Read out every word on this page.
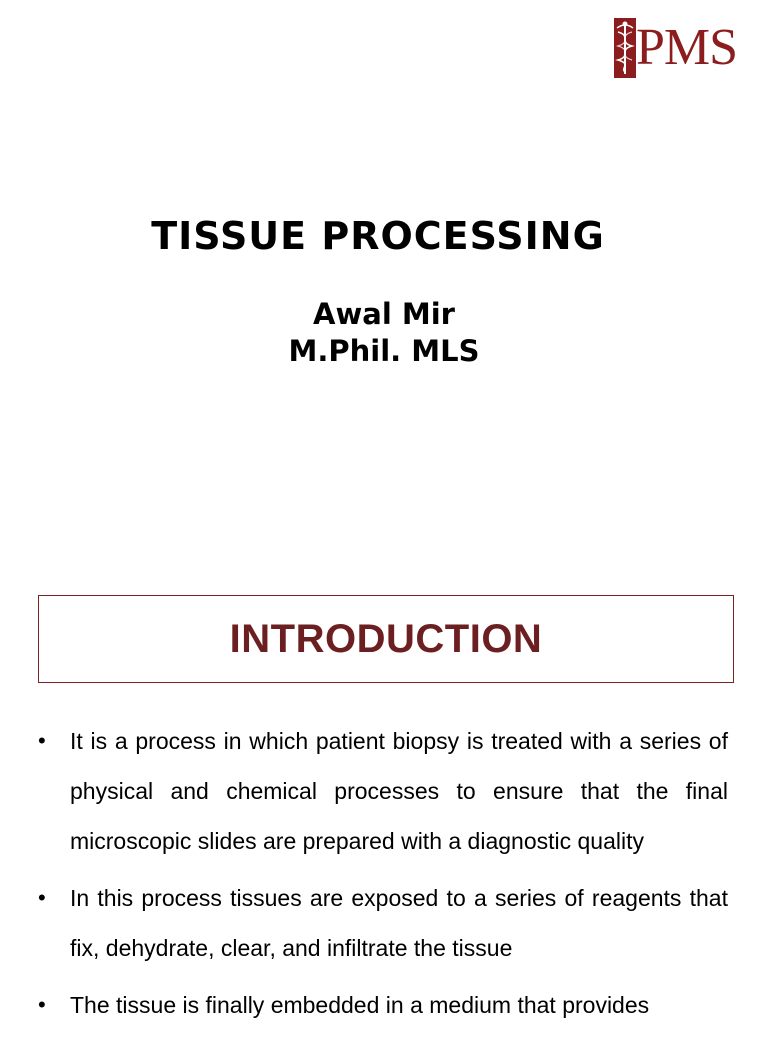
PMS
TISSUE PROCESSING
Awal Mir
M.Phil. MLS
INTRODUCTION
• It is a process in which patient biopsy is treated with a series of physical and chemical processes to ensure that the final microscopic slides are prepared with a diagnostic quality
• In this process tissues are exposed to a series of reagents that fix, dehydrate, clear, and infiltrate the tissue
• The tissue is finally embedded in a medium that provides
